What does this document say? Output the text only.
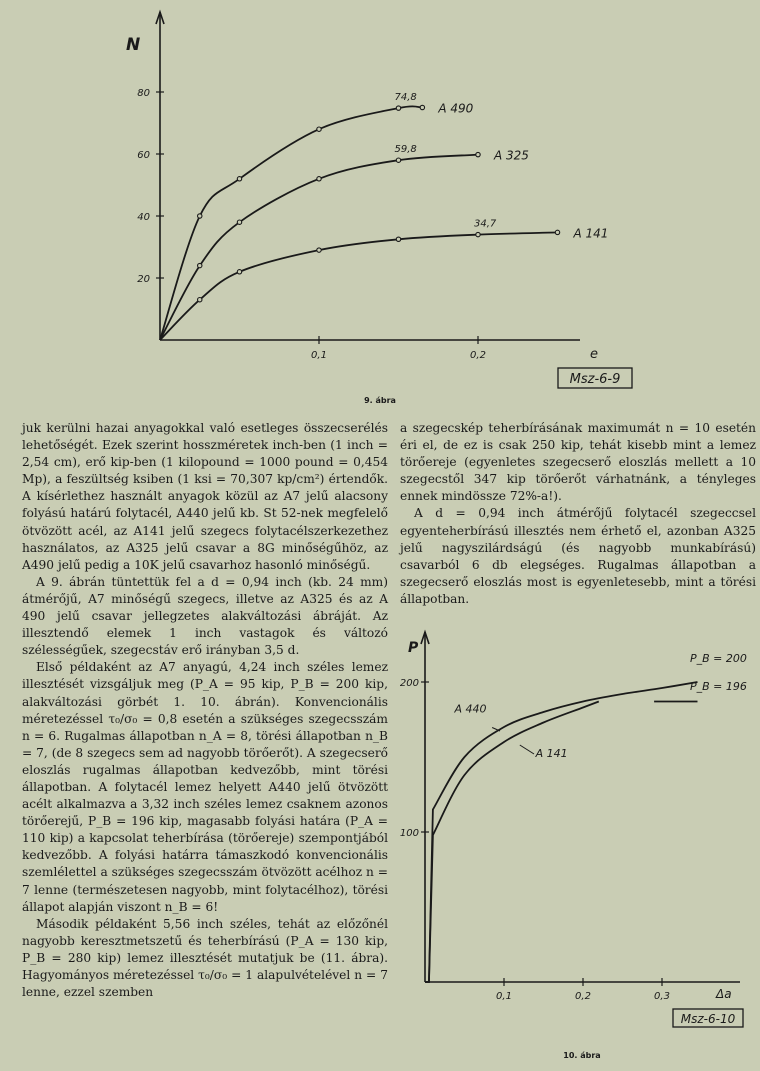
80
60
40
20
0,1	0,2
A 490
74,8
A 325
59,8
A 141
34,7
N
e
Msz-6-9
9. ábra

juk kerülni hazai anyagokkal való esetleges összecserélés lehetőségét. Ezek szerint hosszméretek inch-ben (1 inch = 2,54 cm), erő kip-ben (1 kilopound = 1000 pound = 0,454 Mp), a feszültség ksiben (1 ksi = 70,307 kp/cm²) értendők. A kísérlethez használt anyagok közül az A7 jelű alacsony folyású határú folytacél, A440 jelű kb. St 52-nek megfelelő ötvözött acél, az A141 jelű szegecs folytacélszerkezethez használatos, az A325 jelű csavar a 8G minőségűhöz, az A490 jelű pedig a 10K jelű csavarhoz hasonló minőségű.

A 9. ábrán tüntettük fel a d = 0,94 inch (kb. 24 mm) átmérőjű, A7 minőségű szegecs, illetve az A325 és az A 490 jelű csavar jellegzetes alakváltozási ábráját. Az illesztendő elemek 1 inch vastagok és változó szélességűek, szegecstáv erő irányban 3,5 d.

Első példaként az A7 anyagú, 4,24 inch széles lemez illesztését vizsgáljuk meg (P_A = 95 kip, P_B = 200 kip, alakváltozási görbét 1. 10. ábrán). Konvencionális méretezéssel τ₀/σ₀ = 0,8 esetén a szükséges szegecsszám n = 6. Rugalmas állapotban n_A = 8, törési állapotban n_B = 7, (de 8 szegecs sem ad nagyobb törőerőt). A szegecserő eloszlás rugalmas állapotban kedvezőbb, mint törési állapotban. A folytacél lemez helyett A440 jelű ötvözött acélt alkalmazva a 3,32 inch széles lemez csaknem azonos törőerejű, P_B = 196 kip, magasabb folyási határa (P_A = 110 kip) a kapcsolat teherbírása (törőereje) szempontjából kedvezőbb. A folyási határra támaszkodó konvencionális szemlélettel a szükséges szegecsszám ötvözött acélhoz n = 7 lenne (természetesen nagyobb, mint folytacélhoz), törési állapot alapján viszont n_B = 6!

Második példaként 5,56 inch széles, tehát az előzőnél nagyobb keresztmetszetű és teherbírású (P_A = 130 kip, P_B = 280 kip) lemez illesztését mutatjuk be (11. ábra). Hagyományos méretezéssel τ₀/σ₀ = 1 alapulvételével n = 7 lenne, ezzel szemben

a szegecskép teherbírásának maximumát n = 10 esetén éri el, de ez is csak 250 kip, tehát kisebb mint a lemez törőereje (egyenletes szegecserő eloszlás mellett a 10 szegecstől 347 kip törőerőt várhatnánk, a tényleges ennek mindössze 72%-a!).

A d = 0,94 inch átmérőjű folytacél szegeccsel egyenteherbírású illesztés nem érhető el, azonban A325 jelű nagyszilárdságú (és nagyobb munkabírású) csavarból 6 db elegséges. Rugalmas állapotban a szegecserő eloszlás most is egyenletesebb, mint a törési állapotban.

200
100
0,1	0,2	0,3
A 440
A 141
P
Δa
P_B = 200
P_B = 196
Msz-6-10
10. ábra
